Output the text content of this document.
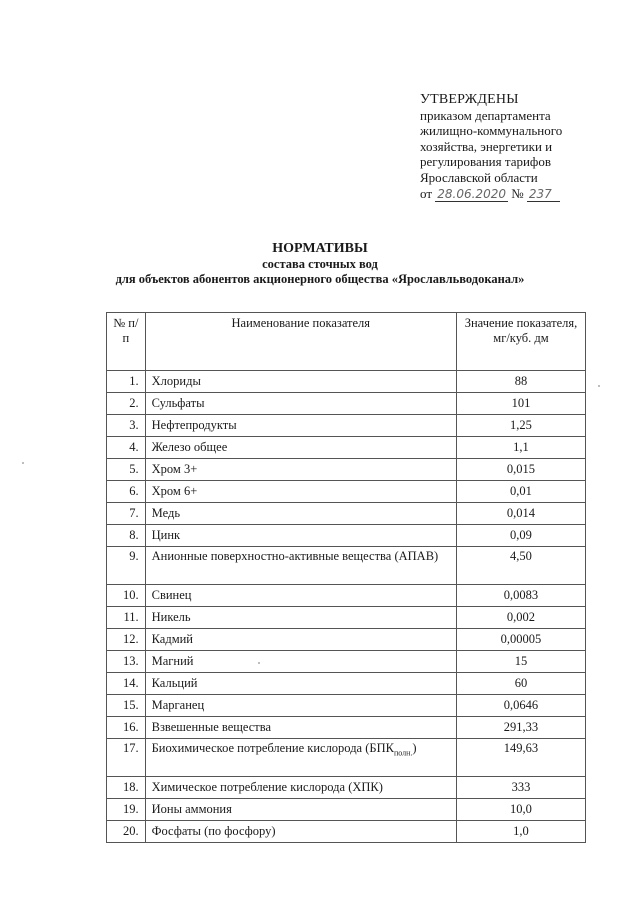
УТВЕРЖДЕНЫ
приказом департамента
жилищно-коммунального
хозяйства, энергетики и
регулирования тарифов
Ярославской области
от 28.06.2020 № 237
НОРМАТИВЫ
состава сточных вод
для объектов абонентов акционерного общества «Ярославльводоканал»
№ п/п	Наименование показателя	Значение показателя, мг/куб. дм
1.	Хлориды	88
2.	Сульфаты	101
3.	Нефтепродукты	1,25
4.	Железо общее	1,1
5.	Хром 3+	0,015
6.	Хром 6+	0,01
7.	Медь	0,014
8.	Цинк	0,09
9.	Анионные поверхностно-активные вещества (АПАВ)	4,50
10.	Свинец	0,0083
11.	Никель	0,002
12.	Кадмий	0,00005
13.	Магний	15
14.	Кальций	60
15.	Марганец	0,0646
16.	Взвешенные вещества	291,33
17.	Биохимическое потребление кислорода $(БПК_{полн.})$	149,63
18.	Химическое потребление кислорода (ХПК)	333
19.	Ионы аммония	10,0
20.	Фосфаты (по фосфору)	1,0
